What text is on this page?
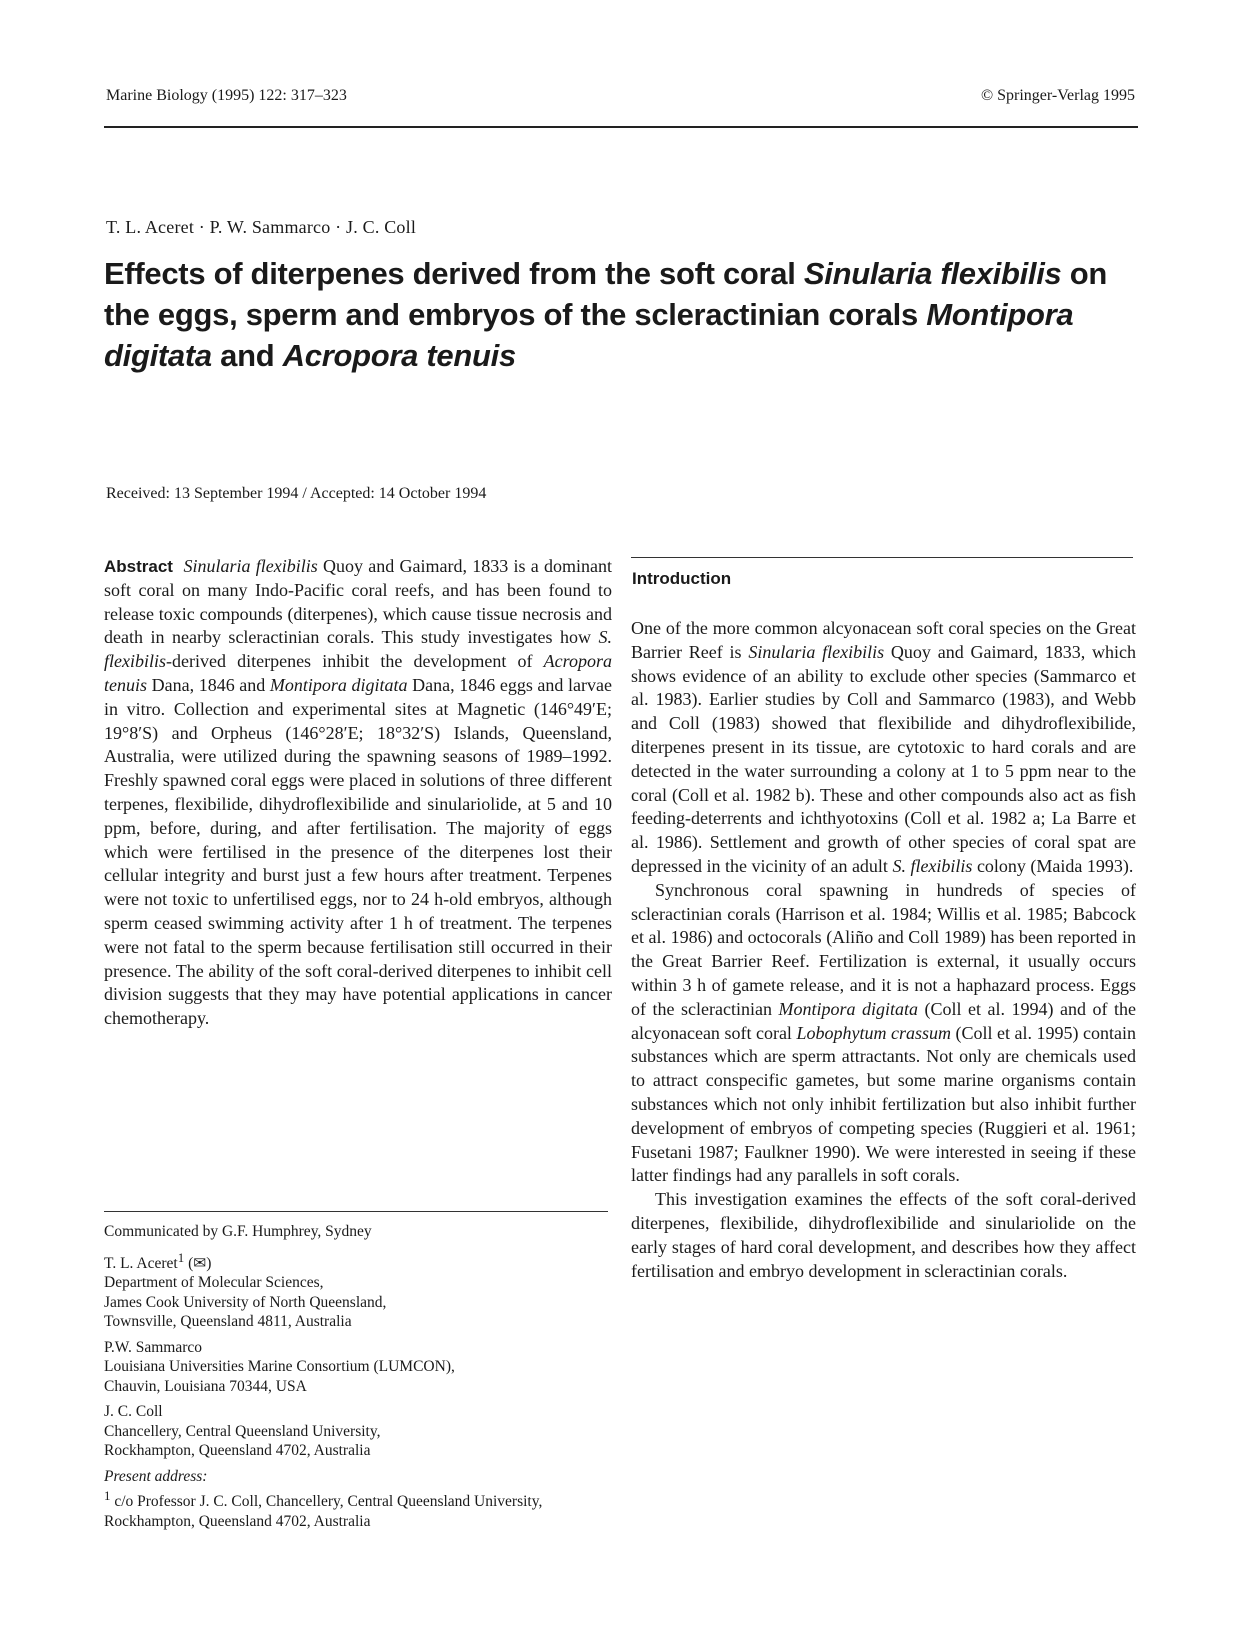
Marine Biology (1995) 122: 317–323	© Springer-Verlag 1995
T. L. Aceret · P. W. Sammarco · J. C. Coll
Effects of diterpenes derived from the soft coral Sinularia flexibilis on the eggs, sperm and embryos of the scleractinian corals Montipora digitata and Acropora tenuis
Received: 13 September 1994 / Accepted: 14 October 1994

Abstract Sinularia flexibilis Quoy and Gaimard, 1833 is a dominant soft coral on many Indo-Pacific coral reefs, and has been found to release toxic compounds (diterpenes), which cause tissue necrosis and death in nearby scleractinian corals. This study investigates how S. flexibilis-derived diterpenes inhibit the development of Acropora tenuis Dana, 1846 and Montipora digitata Dana, 1846 eggs and larvae in vitro. Collection and experimental sites at Magnetic (146°49′E; 19°8′S) and Orpheus (146°28′E; 18°32′S) Islands, Queensland, Australia, were utilized during the spawning seasons of 1989–1992. Freshly spawned coral eggs were placed in solutions of three different terpenes, flexibilide, dihydroflexibilide and sinulariolide, at 5 and 10 ppm, before, during, and after fertilisation. The majority of eggs which were fertilised in the presence of the diterpenes lost their cellular integrity and burst just a few hours after treatment. Terpenes were not toxic to unfertilised eggs, nor to 24 h-old embryos, although sperm ceased swimming activity after 1 h of treatment. The terpenes were not fatal to the sperm because fertilisation still occurred in their presence. The ability of the soft coral-derived diterpenes to inhibit cell division suggests that they may have potential applications in cancer chemotherapy.

Communicated by G.F. Humphrey, Sydney
T. L. Aceret$^1$ (✉)
Department of Molecular Sciences,
James Cook University of North Queensland,
Townsville, Queensland 4811, Australia
P.W. Sammarco
Louisiana Universities Marine Consortium (LUMCON),
Chauvin, Louisiana 70344, USA
J. C. Coll
Chancellery, Central Queensland University,
Rockhampton, Queensland 4702, Australia
Present address:
$^1$ c/o Professor J. C. Coll, Chancellery, Central Queensland University, Rockhampton, Queensland 4702, Australia
Introduction

One of the more common alcyonacean soft coral species on the Great Barrier Reef is Sinularia flexibilis Quoy and Gaimard, 1833, which shows evidence of an ability to exclude other species (Sammarco et al. 1983). Earlier studies by Coll and Sammarco (1983), and Webb and Coll (1983) showed that flexibilide and dihydroflexibilide, diterpenes present in its tissue, are cytotoxic to hard corals and are detected in the water surrounding a colony at 1 to 5 ppm near to the coral (Coll et al. 1982 b). These and other compounds also act as fish feeding-deterrents and ichthyotoxins (Coll et al. 1982 a; La Barre et al. 1986). Settlement and growth of other species of coral spat are depressed in the vicinity of an adult S. flexibilis colony (Maida 1993).

Synchronous coral spawning in hundreds of species of scleractinian corals (Harrison et al. 1984; Willis et al. 1985; Babcock et al. 1986) and octocorals (Aliño and Coll 1989) has been reported in the Great Barrier Reef. Fertilization is external, it usually occurs within 3 h of gamete release, and it is not a haphazard process. Eggs of the scleractinian Montipora digitata (Coll et al. 1994) and of the alcyonacean soft coral Lobophytum crassum (Coll et al. 1995) contain substances which are sperm attractants. Not only are chemicals used to attract conspecific gametes, but some marine organisms contain substances which not only inhibit fertilization but also inhibit further development of embryos of competing species (Ruggieri et al. 1961; Fusetani 1987; Faulkner 1990). We were interested in seeing if these latter findings had any parallels in soft corals.

This investigation examines the effects of the soft coral-derived diterpenes, flexibilide, dihydroflexibilide and sinulariolide on the early stages of hard coral development, and describes how they affect fertilisation and embryo development in scleractinian corals.
